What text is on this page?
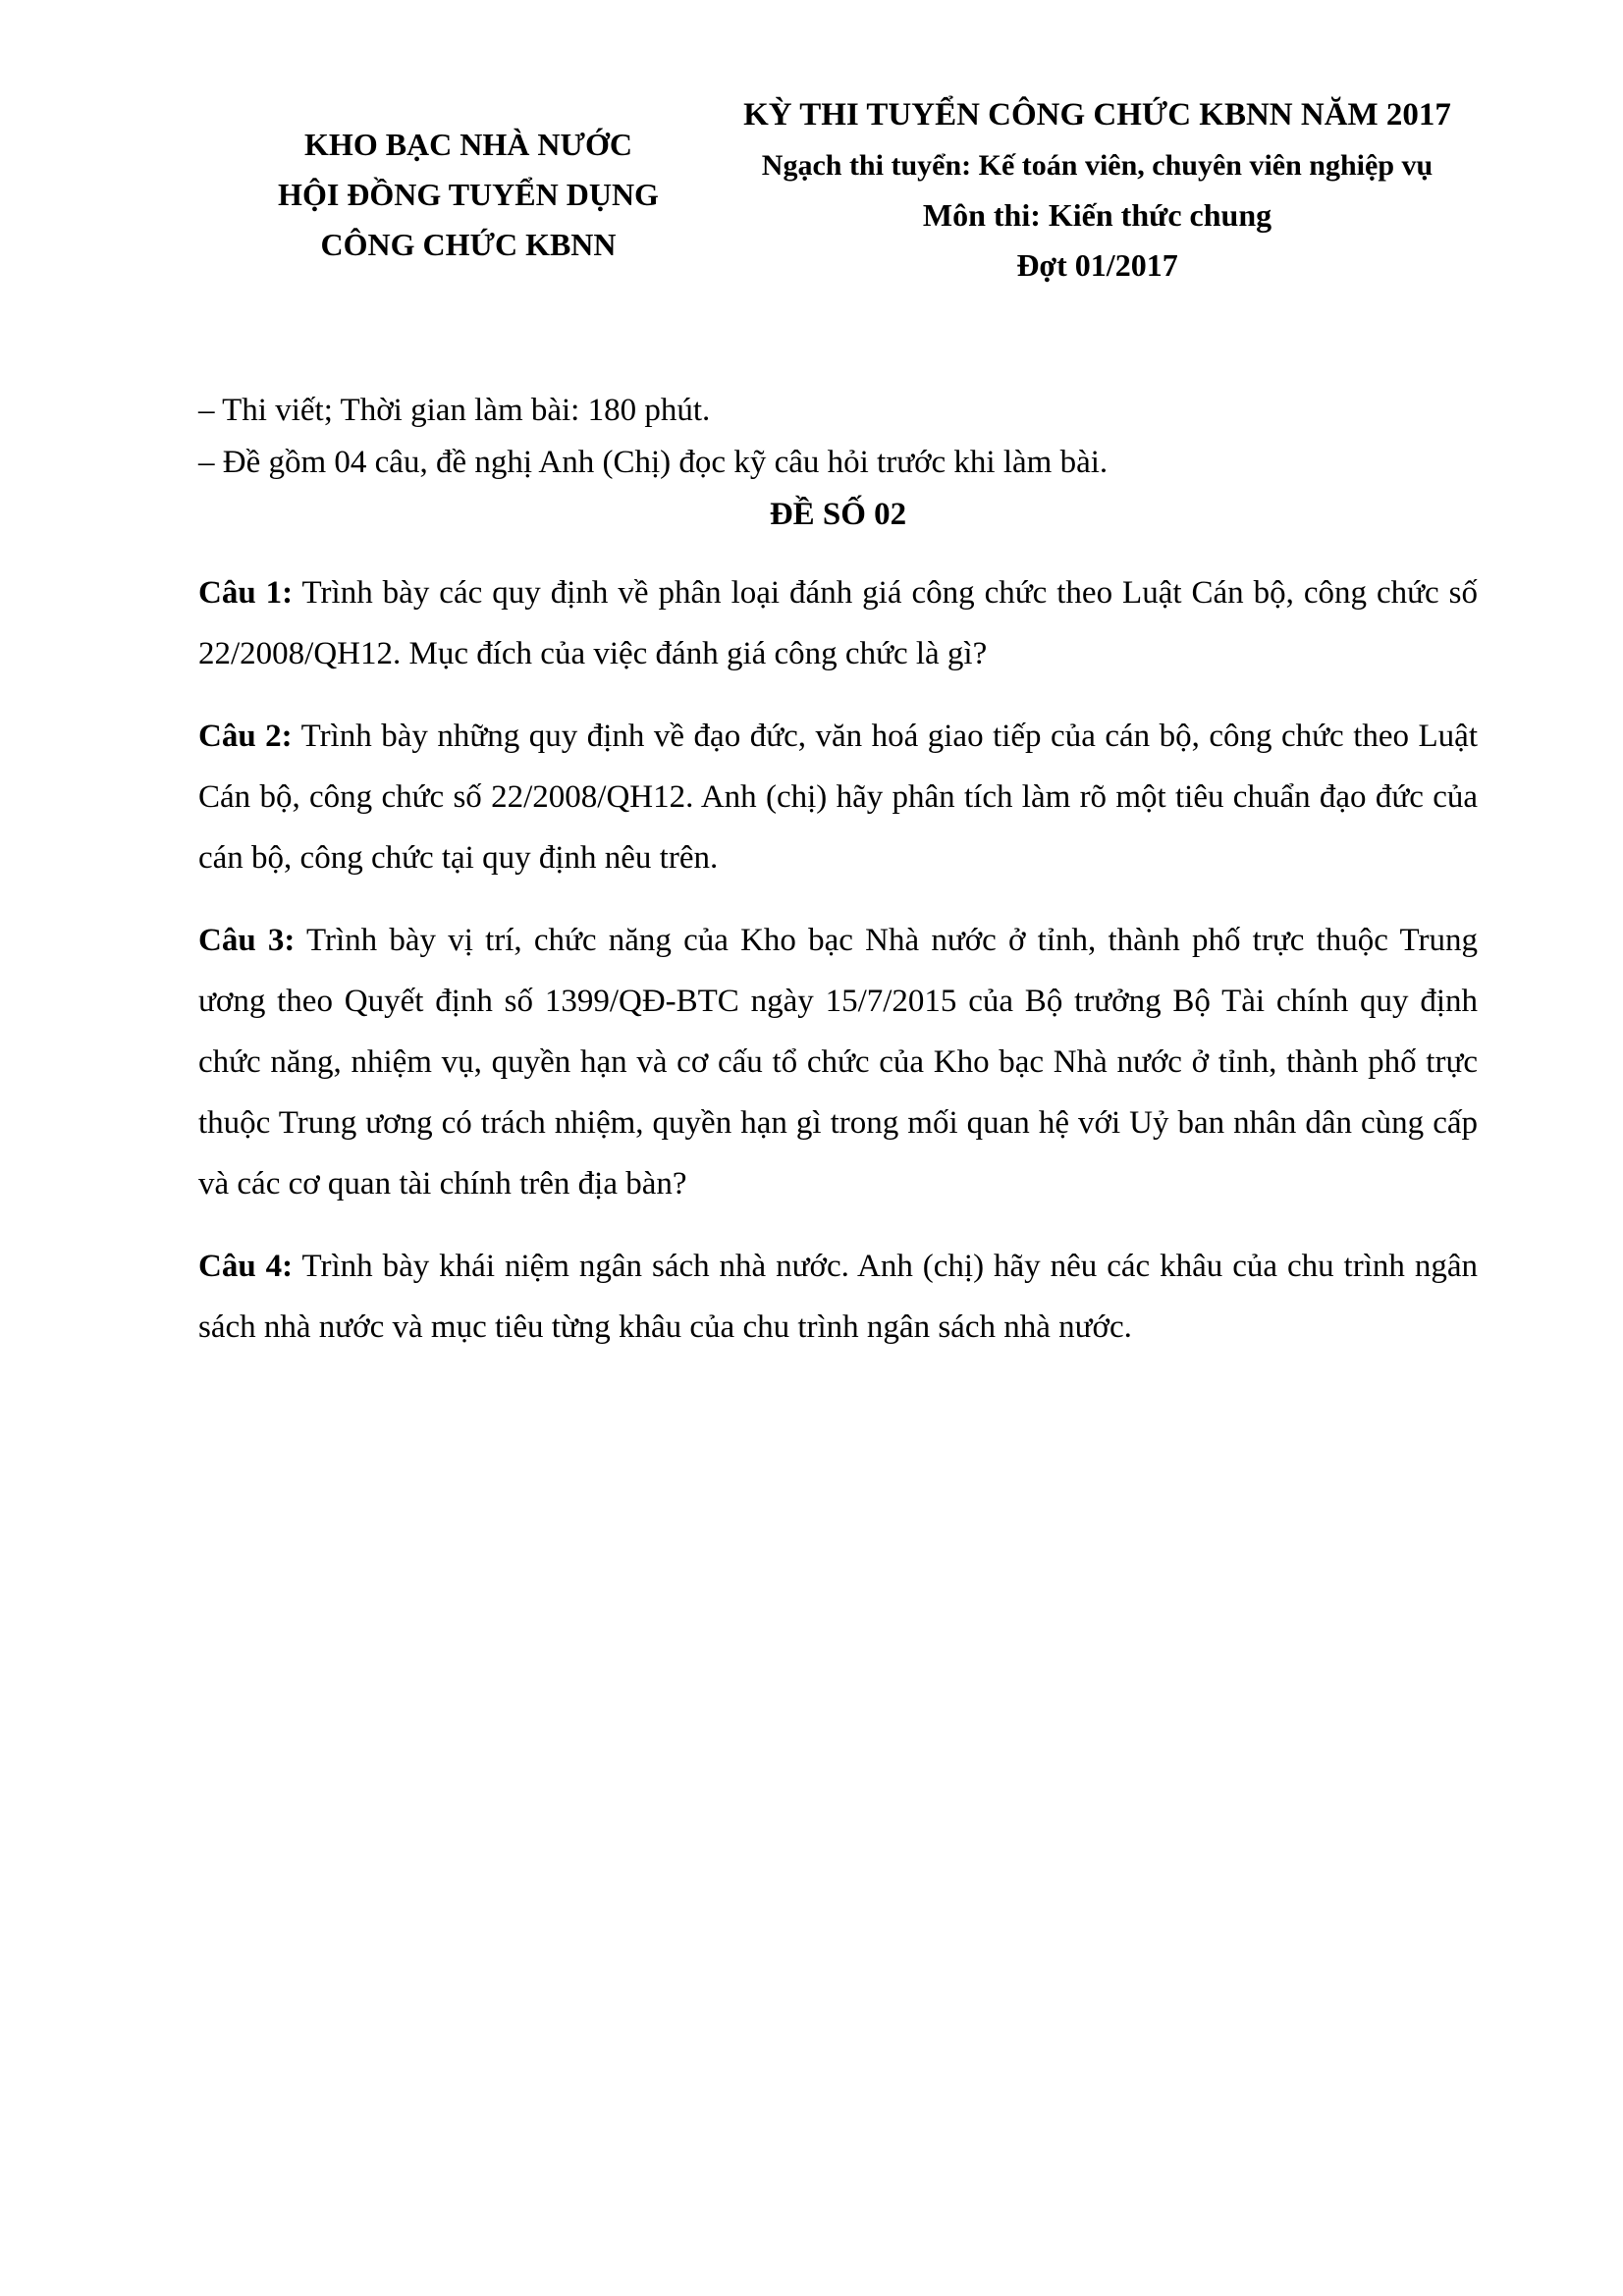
KHO BẠC NHÀ NƯỚC
HỘI ĐỒNG TUYỂN DỤNG
CÔNG CHỨC KBNN
KỲ THI TUYỂN CÔNG CHỨC KBNN NĂM 2017
Ngạch thi tuyển: Kế toán viên, chuyên viên nghiệp vụ
Môn thi: Kiến thức chung
Đợt 01/2017

– Thi viết; Thời gian làm bài: 180 phút.

– Đề gồm 04 câu, đề nghị Anh (Chị) đọc kỹ câu hỏi trước khi làm bài.

ĐỀ SỐ 02

Câu 1: Trình bày các quy định về phân loại đánh giá công chức theo Luật Cán bộ, công chức số 22/2008/QH12. Mục đích của việc đánh giá công chức là gì?

Câu 2: Trình bày những quy định về đạo đức, văn hoá giao tiếp của cán bộ, công chức theo Luật Cán bộ, công chức số 22/2008/QH12. Anh (chị) hãy phân tích làm rõ một tiêu chuẩn đạo đức của cán bộ, công chức tại quy định nêu trên.

Câu 3: Trình bày vị trí, chức năng của Kho bạc Nhà nước ở tỉnh, thành phố trực thuộc Trung ương theo Quyết định số 1399/QĐ-BTC ngày 15/7/2015 của Bộ trưởng Bộ Tài chính quy định chức năng, nhiệm vụ, quyền hạn và cơ cấu tổ chức của Kho bạc Nhà nước ở tỉnh, thành phố trực thuộc Trung ương có trách nhiệm, quyền hạn gì trong mối quan hệ với Uỷ ban nhân dân cùng cấp và các cơ quan tài chính trên địa bàn?

Câu 4: Trình bày khái niệm ngân sách nhà nước. Anh (chị) hãy nêu các khâu của chu trình ngân sách nhà nước và mục tiêu từng khâu của chu trình ngân sách nhà nước.
